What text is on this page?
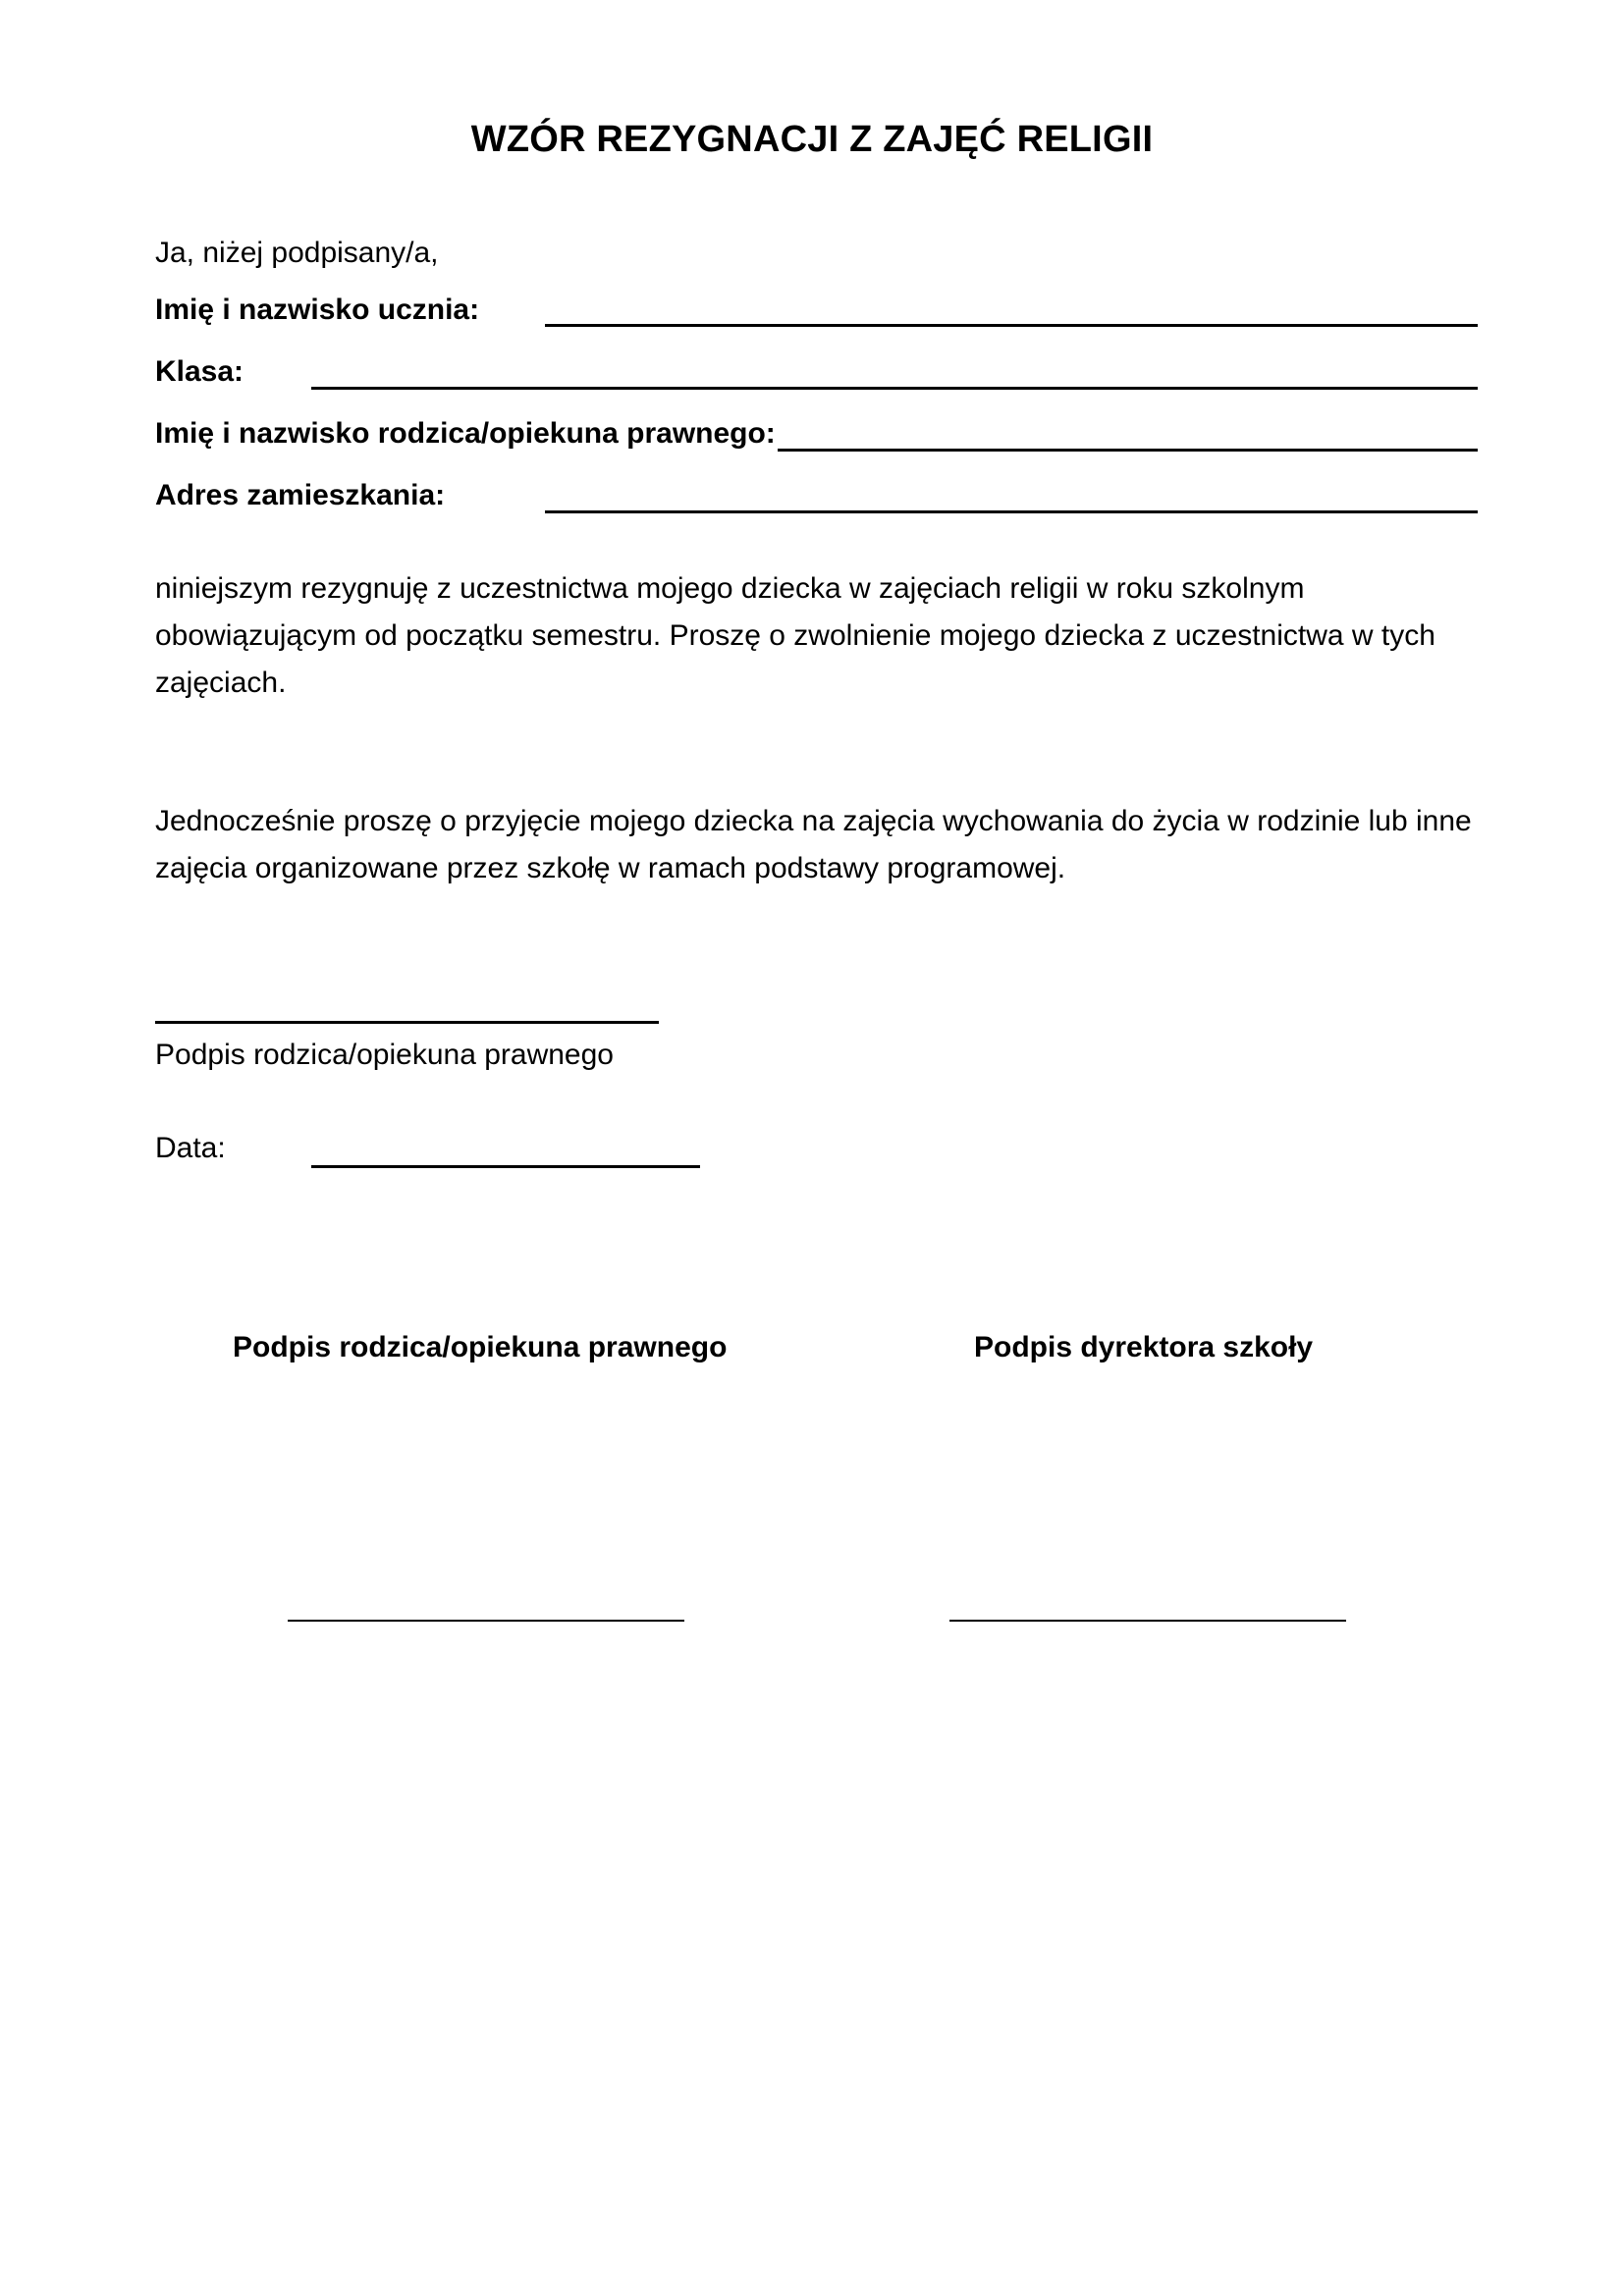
WZÓR REZYGNACJI Z ZAJĘĆ RELIGII
Ja, niżej podpisany/a,
Imię i nazwisko ucznia:
Klasa:
Imię i nazwisko rodzica/opiekuna prawnego:
Adres zamieszkania:
niniejszym rezygnuję z uczestnictwa mojego dziecka w zajęciach religii w roku szkolnym obowiązującym od początku semestru. Proszę o zwolnienie mojego dziecka z uczestnictwa w tych zajęciach.
Jednocześnie proszę o przyjęcie mojego dziecka na zajęcia wychowania do życia w rodzinie lub inne zajęcia organizowane przez szkołę w ramach podstawy programowej.
Podpis rodzica/opiekuna prawnego
Data:
Podpis rodzica/opiekuna prawnego	Podpis dyrektora szkoły
